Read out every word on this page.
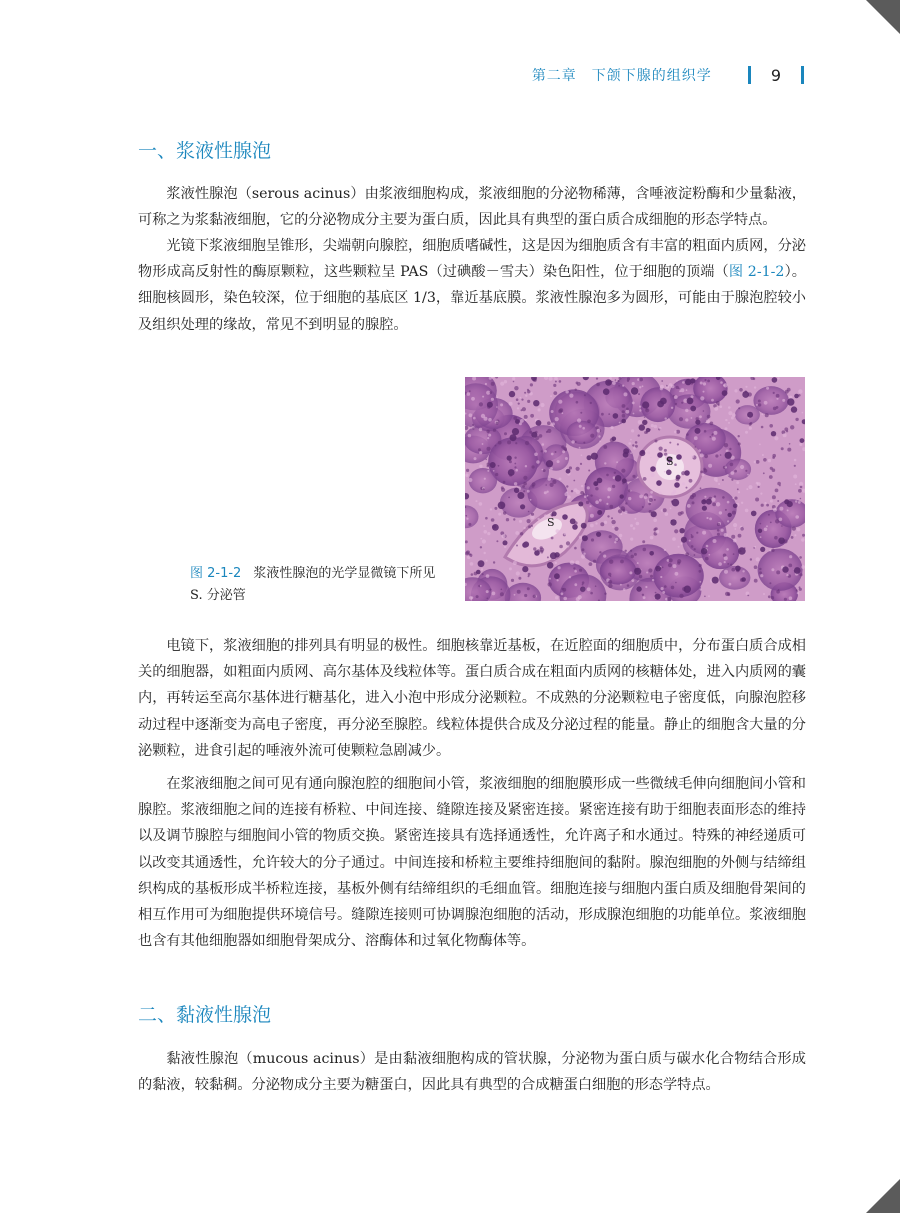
第二章　下颌下腺的组织学	9
一、浆液性腺泡

浆液性腺泡（serous acinus）由浆液细胞构成，浆液细胞的分泌物稀薄，含唾液淀粉酶和少量黏液，可称之为浆黏液细胞，它的分泌物成分主要为蛋白质，因此具有典型的蛋白质合成细胞的形态学特点。

光镜下浆液细胞呈锥形，尖端朝向腺腔，细胞质嗜碱性，这是因为细胞质含有丰富的粗面内质网，分泌物形成高反射性的酶原颗粒，这些颗粒呈 PAS（过碘酸－雪夫）染色阳性，位于细胞的顶端（图 2-1-2）。细胞核圆形，染色较深，位于细胞的基底区 1/3，靠近基底膜。浆液性腺泡多为圆形，可能由于腺泡腔较小及组织处理的缘故，常见不到明显的腺腔。

S
S
图 2-1-2 浆液性腺泡的光学显微镜下所见
S. 分泌管

电镜下，浆液细胞的排列具有明显的极性。细胞核靠近基板，在近腔面的细胞质中，分布蛋白质合成相关的细胞器，如粗面内质网、高尔基体及线粒体等。蛋白质合成在粗面内质网的核糖体处，进入内质网的囊内，再转运至高尔基体进行糖基化，进入小泡中形成分泌颗粒。不成熟的分泌颗粒电子密度低，向腺泡腔移动过程中逐渐变为高电子密度，再分泌至腺腔。线粒体提供合成及分泌过程的能量。静止的细胞含大量的分泌颗粒，进食引起的唾液外流可使颗粒急剧减少。

在浆液细胞之间可见有通向腺泡腔的细胞间小管，浆液细胞的细胞膜形成一些微绒毛伸向细胞间小管和腺腔。浆液细胞之间的连接有桥粒、中间连接、缝隙连接及紧密连接。紧密连接有助于细胞表面形态的维持以及调节腺腔与细胞间小管的物质交换。紧密连接具有选择通透性，允许离子和水通过。特殊的神经递质可以改变其通透性，允许较大的分子通过。中间连接和桥粒主要维持细胞间的黏附。腺泡细胞的外侧与结缔组织构成的基板形成半桥粒连接，基板外侧有结缔组织的毛细血管。细胞连接与细胞内蛋白质及细胞骨架间的相互作用可为细胞提供环境信号。缝隙连接则可协调腺泡细胞的活动，形成腺泡细胞的功能单位。浆液细胞也含有其他细胞器如细胞骨架成分、溶酶体和过氧化物酶体等。

二、黏液性腺泡

黏液性腺泡（mucous acinus）是由黏液细胞构成的管状腺，分泌物为蛋白质与碳水化合物结合形成的黏液，较黏稠。分泌物成分主要为糖蛋白，因此具有典型的合成糖蛋白细胞的形态学特点。
